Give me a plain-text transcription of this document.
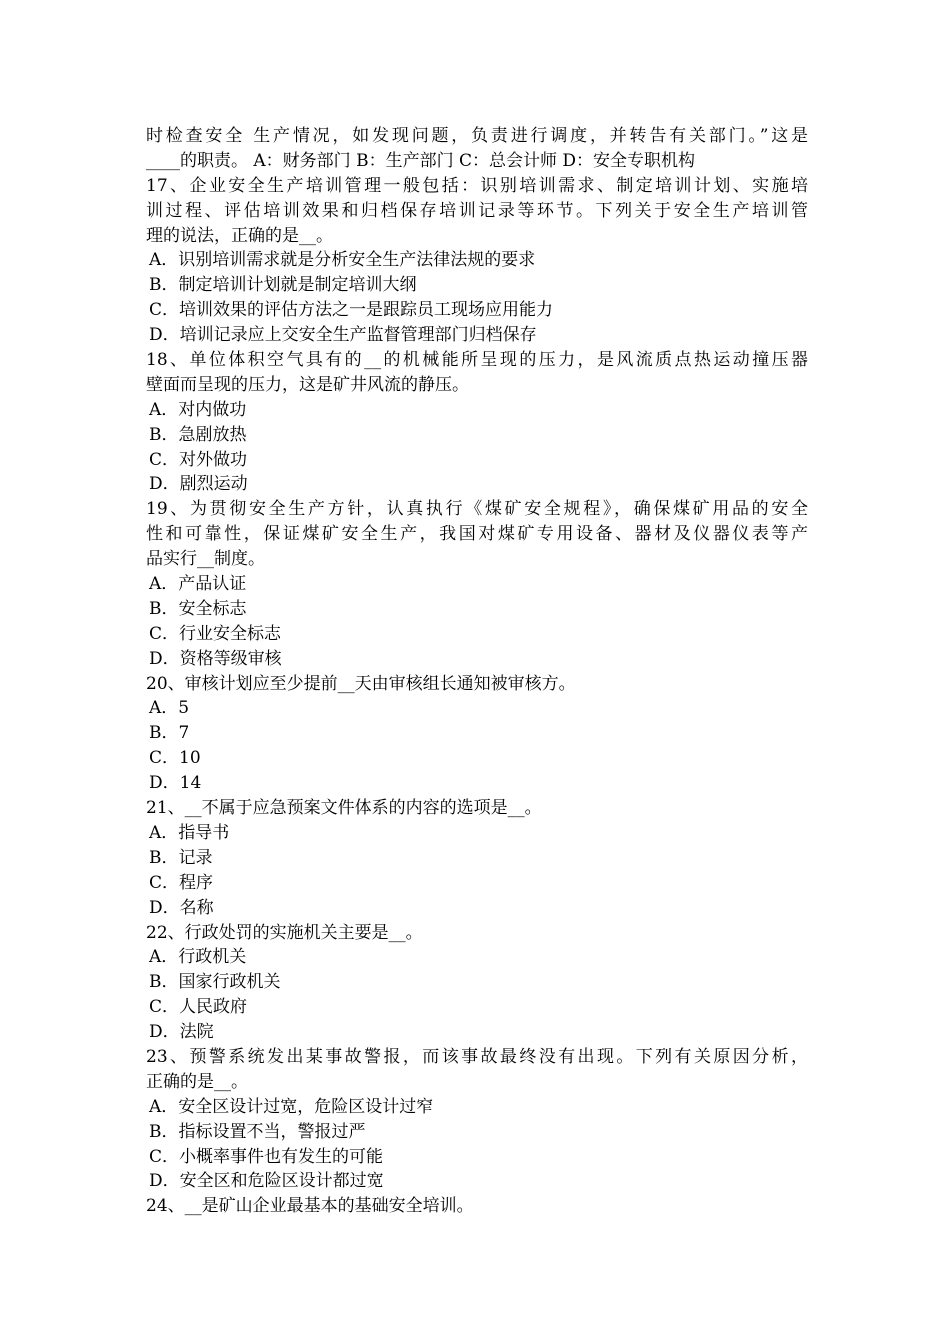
时检查安全 生产情况，如发现问题，负责进行调度，并转告有关部门。”这是
____的职责。 A：财务部门 B：生产部门 C：总会计师 D：安全专职机构
17、企业安全生产培训管理一般包括：识别培训需求、制定培训计划、实施培
训过程、评估培训效果和归档保存培训记录等环节。下列关于安全生产培训管
理的说法，正确的是__。
A．识别培训需求就是分析安全生产法律法规的要求
B．制定培训计划就是制定培训大纲
C．培训效果的评估方法之一是跟踪员工现场应用能力
D．培训记录应上交安全生产监督管理部门归档保存
18、单位体积空气具有的__的机械能所呈现的压力，是风流质点热运动撞压器
壁面而呈现的压力，这是矿井风流的静压。
A．对内做功
B．急剧放热
C．对外做功
D．剧烈运动
19、为贯彻安全生产方针，认真执行《煤矿安全规程》，确保煤矿用品的安全
性和可靠性，保证煤矿安全生产，我国对煤矿专用设备、器材及仪器仪表等产
品实行__制度。
A．产品认证
B．安全标志
C．行业安全标志
D．资格等级审核
20、审核计划应至少提前__天由审核组长通知被审核方。
A．5
B．7
C．10
D．14
21、__不属于应急预案文件体系的内容的选项是__。
A．指导书
B．记录
C．程序
D．名称
22、行政处罚的实施机关主要是__。
A．行政机关
B．国家行政机关
C．人民政府
D．法院
23、预警系统发出某事故警报，而该事故最终没有出现。下列有关原因分析，
正确的是__。
A．安全区设计过宽，危险区设计过窄
B．指标设置不当，警报过严
C．小概率事件也有发生的可能
D．安全区和危险区设计都过宽
24、__是矿山企业最基本的基础安全培训。
